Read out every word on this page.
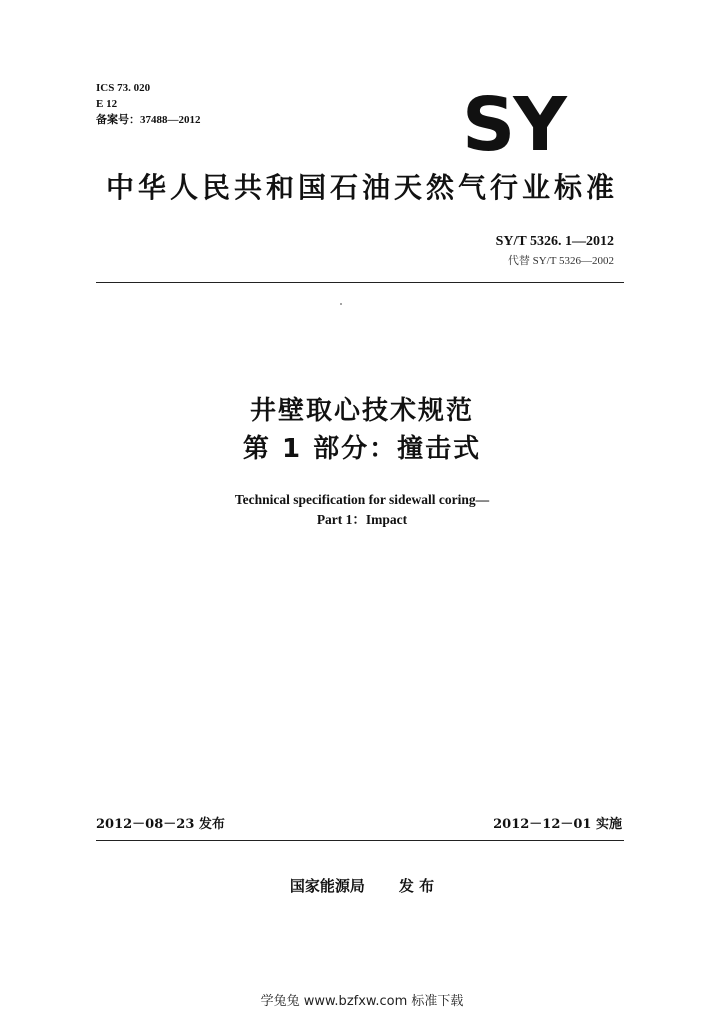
ICS 73. 020
E 12
备案号：37488—2012	SY
中华人民共和国石油天然气行业标准
SY/T 5326. 1—2012
代替 SY/T 5326—2002
井壁取心技术规范
第 1 部分：撞击式
Technical specification for sidewall coring—
Part 1：Impact
2012－08－23 发布	2012－12－01 实施
国家能源局 发 布
学兔兔 www.bzfxw.com 标准下载
